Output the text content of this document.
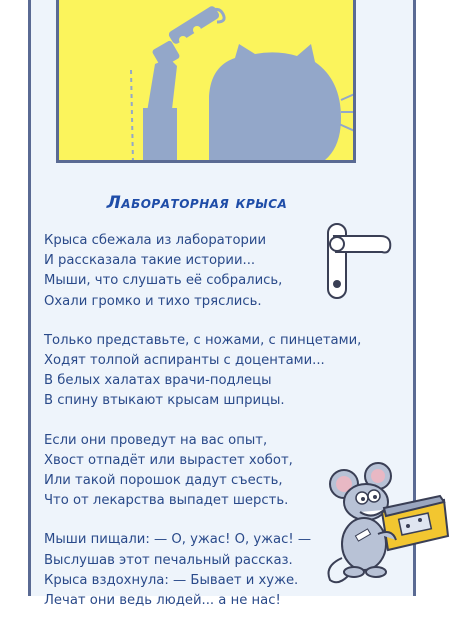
Лабораторная крыса
Крыса сбежала из лаборатории
И рассказала такие истории...
Мыши, что слушать её собрались,
Охали громко и тихо тряслись.
Только представьте, с ножами, с пинцетами,
Ходят толпой аспиранты с доцентами...
В белых халатах врачи-подлецы
В спину втыкают крысам шприцы.
Если они проведут на вас опыт,
Хвост отпадёт или вырастет хобот,
Или такой порошок дадут съесть,
Что от лекарства выпадет шерсть.
Мыши пищали: — О, ужас! О, ужас! —
Выслушав этот печальный рассказ.
Крыса вздохнула: — Бывает и хуже.
Лечат они ведь людей... а не нас!
